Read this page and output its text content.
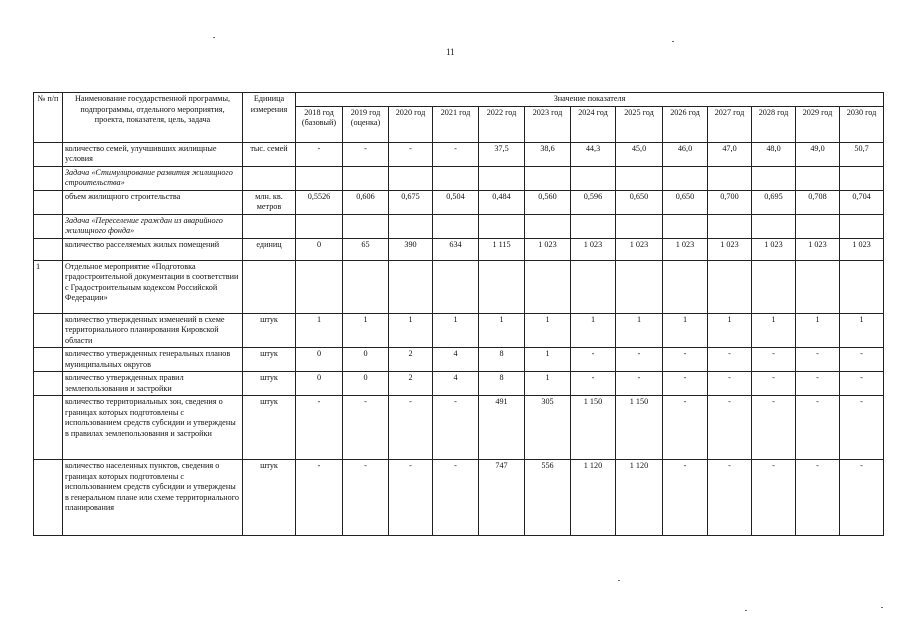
11
№ п/п	Наименование государственной программы, подпрограммы, отдельного мероприятия, проекта, показателя, цель, задача	Единица измерения	Значение показателя												
			2018 год (базовый)	2019 год (оценка)	2020 год	2021 год	2022 год	2023 год	2024 год	2025 год	2026 год	2027 год	2028 год	2029 год	2030 год
	количество семей, улучшивших жилищные условия	тыс. семей	-	-	-	-	37,5	38,6	44,3	45,0	46,0	47,0	48,0	49,0	50,7
	Задача «Стимулирование развития жилищного строительства»														
	объем жилищного строительства	млн. кв. метров	0,5526	0,606	0,675	0,504	0,484	0,560	0,596	0,650	0,650	0,700	0,695	0,708	0,704
	Задача «Переселение граждан из аварийного жилищного фонда»														
	количество расселяемых жилых помещений	единиц	0	65	390	634	1 115	1 023	1 023	1 023	1 023	1 023	1 023	1 023	1 023
1	Отдельное мероприятие «Подготовка градостроительной документации в соответствии с Градостроительным кодексом Российской Федерации»														
	количество утвержденных изменений в схеме территориального планирования Кировской области	штук	1	1	1	1	1	1	1	1	1	1	1	1	1
	количество утвержденных генеральных планов муниципальных округов	штук	0	0	2	4	8	1	-	-	-	-	-	-	-
	количество утвержденных правил землепользования и застройки	штук	0	0	2	4	8	1	-	-	-	-	-	-	-
	количество территориальных зон, сведения о границах которых подготовлены с использованием средств субсидии и утверждены в правилах землепользования и застройки	штук	-	-	-	-	491	305	1 150	1 150	-	-	-	-	-
	количество населенных пунктов, сведения о границах которых подготовлены с использованием средств субсидии и утверждены в генеральном плане или схеме территориального планирования	штук	-	-	-	-	747	556	1 120	1 120	-	-	-	-	-
